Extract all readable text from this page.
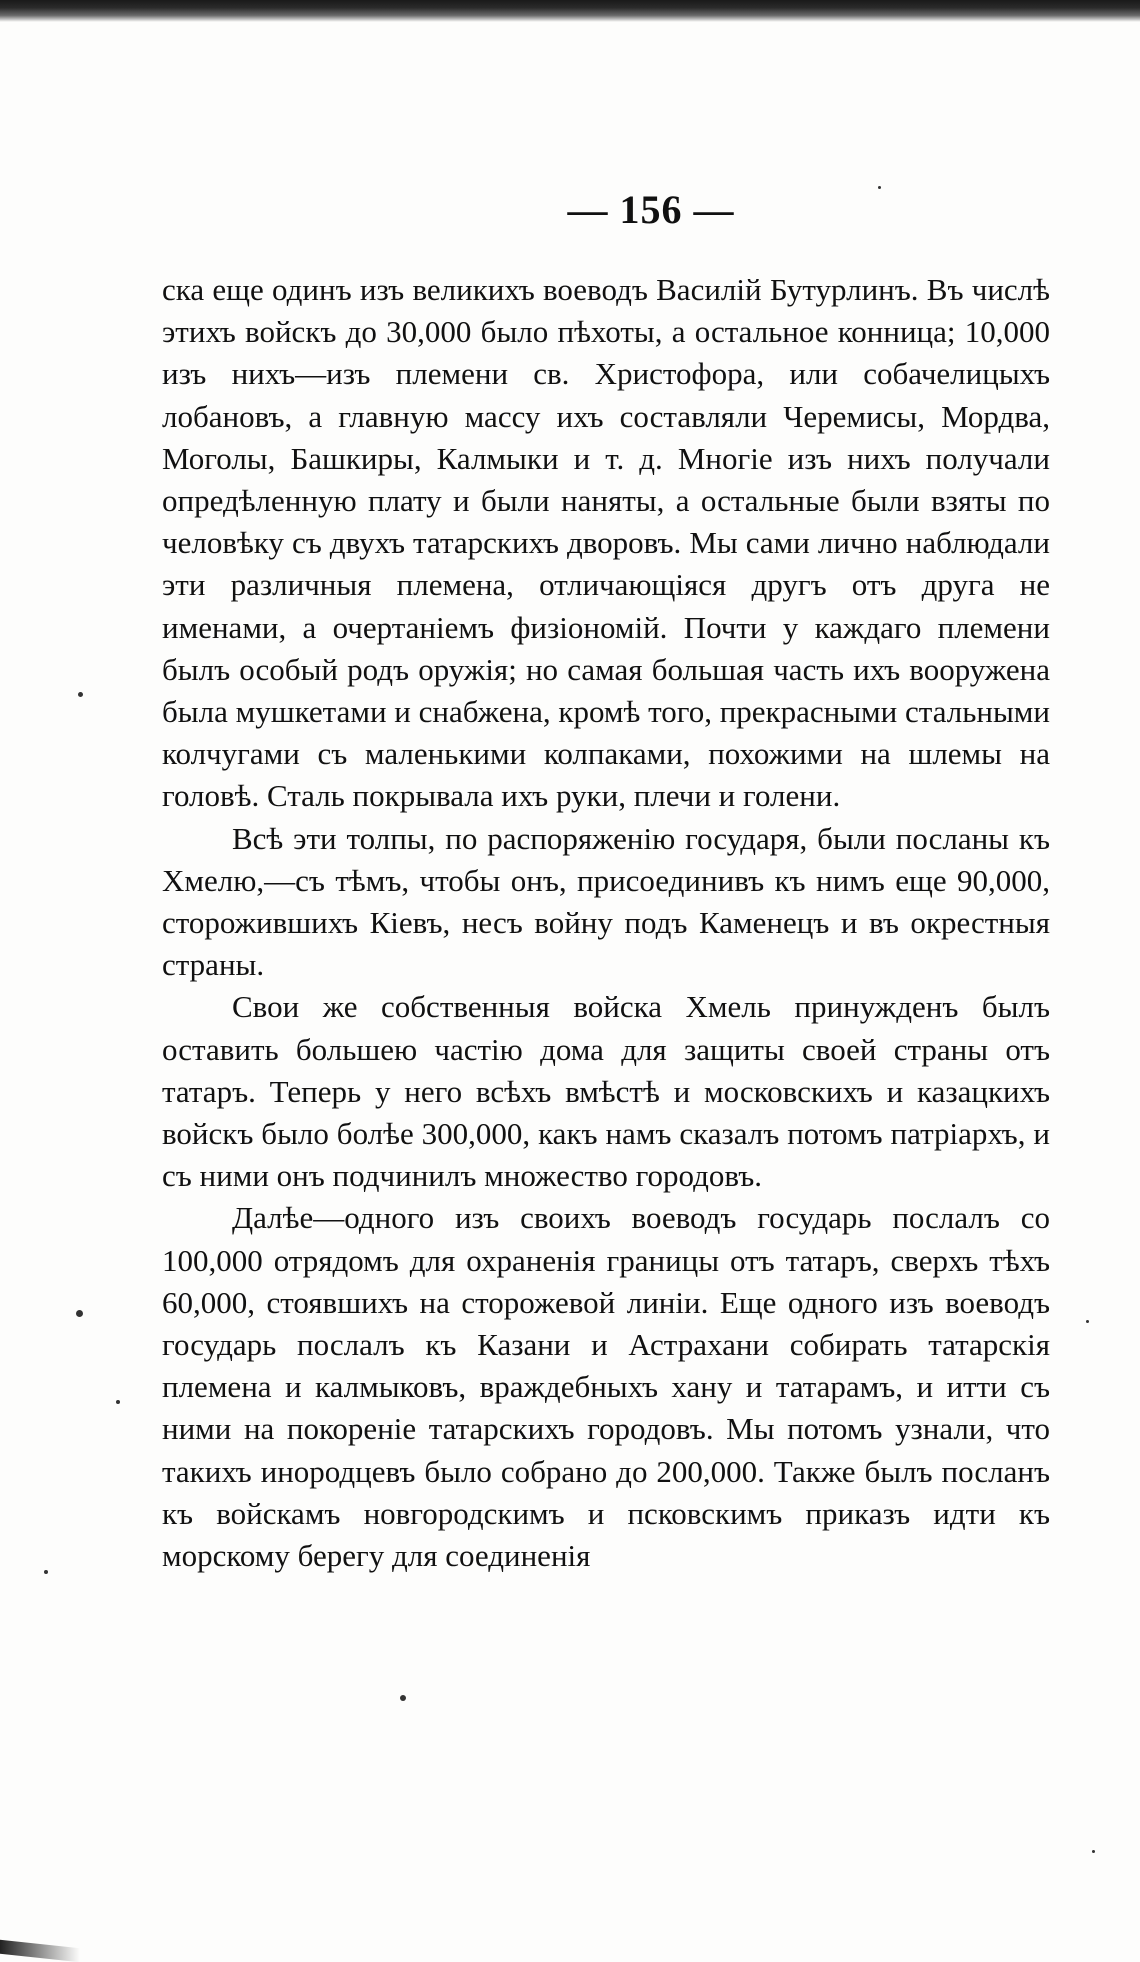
— 156 —

ска еще одинъ изъ великихъ воеводъ Василій Бутурлинъ. Въ числѣ этихъ войскъ до 30,000 было пѣхоты, а остальное конница; 10,000 изъ нихъ—изъ племени св. Христофора, или собачелицыхъ лобановъ, а главную массу ихъ составляли Черемисы, Мордва, Моголы, Башкиры, Калмыки и т. д. Многіе изъ нихъ получали опредѣленную плату и были наняты, а остальные были взяты по человѣку съ двухъ татарскихъ дворовъ. Мы сами лично наблюдали эти различныя племена, отличающіяся другъ отъ друга не именами, а очертаніемъ физіономій. Почти у каждаго племени былъ особый родъ оружія; но самая большая часть ихъ вооружена была мушкетами и снабжена, кромѣ того, прекрасными стальными колчугами съ маленькими колпаками, похожими на шлемы на головѣ. Сталь покрывала ихъ руки, плечи и голени.

Всѣ эти толпы, по распоряженію государя, были посланы къ Хмелю,—съ тѣмъ, чтобы онъ, присоединивъ къ нимъ еще 90,000, сторожившихъ Кіевъ, несъ войну подъ Каменецъ и въ окрестныя страны.

Свои же собственныя войска Хмель принужденъ былъ оставить большею частію дома для защиты своей страны отъ татаръ. Теперь у него всѣхъ вмѣстѣ и московскихъ и казацкихъ войскъ было болѣе 300,000, какъ намъ сказалъ потомъ патріархъ, и съ ними онъ подчинилъ множество городовъ.

Далѣе—одного изъ своихъ воеводъ государь послалъ со 100,000 отрядомъ для охраненія границы отъ татаръ, сверхъ тѣхъ 60,000, стоявшихъ на сторожевой линіи. Еще одного изъ воеводъ государь послалъ къ Казани и Астрахани собирать татарскія племена и калмыковъ, враждебныхъ хану и татарамъ, и итти съ ними на покореніе татарскихъ городовъ. Мы потомъ узнали, что такихъ инородцевъ было собрано до 200,000. Также былъ посланъ къ войскамъ новгородскимъ и псковскимъ приказъ идти къ морскому берегу для соединенія
